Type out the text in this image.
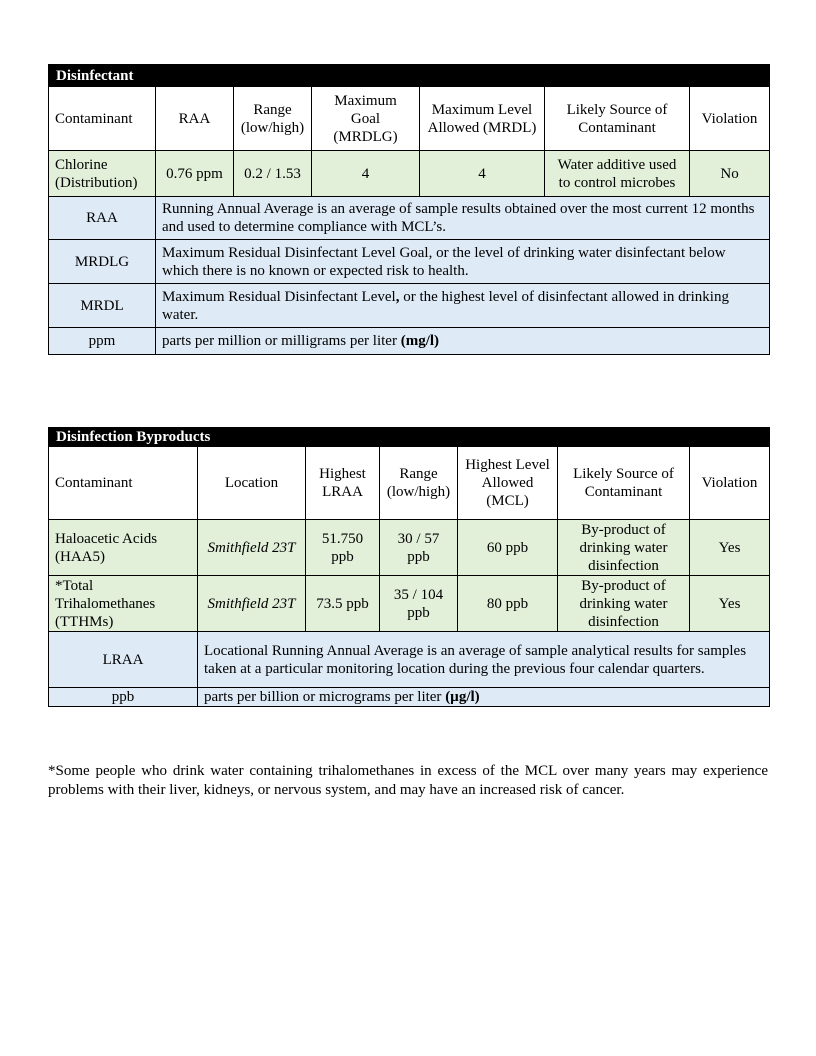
Disinfectant						
Contaminant	RAA	Range (low/high)	Maximum Goal (MRDLG)	Maximum Level Allowed (MRDL)	Likely Source of Contaminant	Violation
Chlorine (Distribution)	0.76 ppm	0.2 / 1.53	4	4	Water additive used to control microbes	No
RAA	Running Annual Average is an average of sample results obtained over the most current 12 months and used to determine compliance with MCL’s.					
MRDLG	Maximum Residual Disinfectant Level Goal, or the level of drinking water disinfectant below which there is no known or expected risk to health.					
MRDL	Maximum Residual Disinfectant Level, or the highest level of disinfectant allowed in drinking water.					
ppm	parts per million or milligrams per liter (mg/l)					
Disinfection Byproducts						
Contaminant	Location	Highest LRAA	Range (low/high)	Highest Level Allowed (MCL)	Likely Source of Contaminant	Violation
Haloacetic Acids (HAA5)	Smithfield 23T	51.750 ppb	30 / 57 ppb	60 ppb	By-product of drinking water disinfection	Yes
*Total Trihalomethanes (TTHMs)	Smithfield 23T	73.5 ppb	35 / 104 ppb	80 ppb	By-product of drinking water disinfection	Yes
LRAA	Locational Running Annual Average is an average of sample analytical results for samples taken at a particular monitoring location during the previous four calendar quarters.					
ppb	parts per billion or micrograms per liter (µg/l)					

*Some people who drink water containing trihalomethanes in excess of the MCL over many years may experience problems with their liver, kidneys, or nervous system, and may have an increased risk of cancer.
